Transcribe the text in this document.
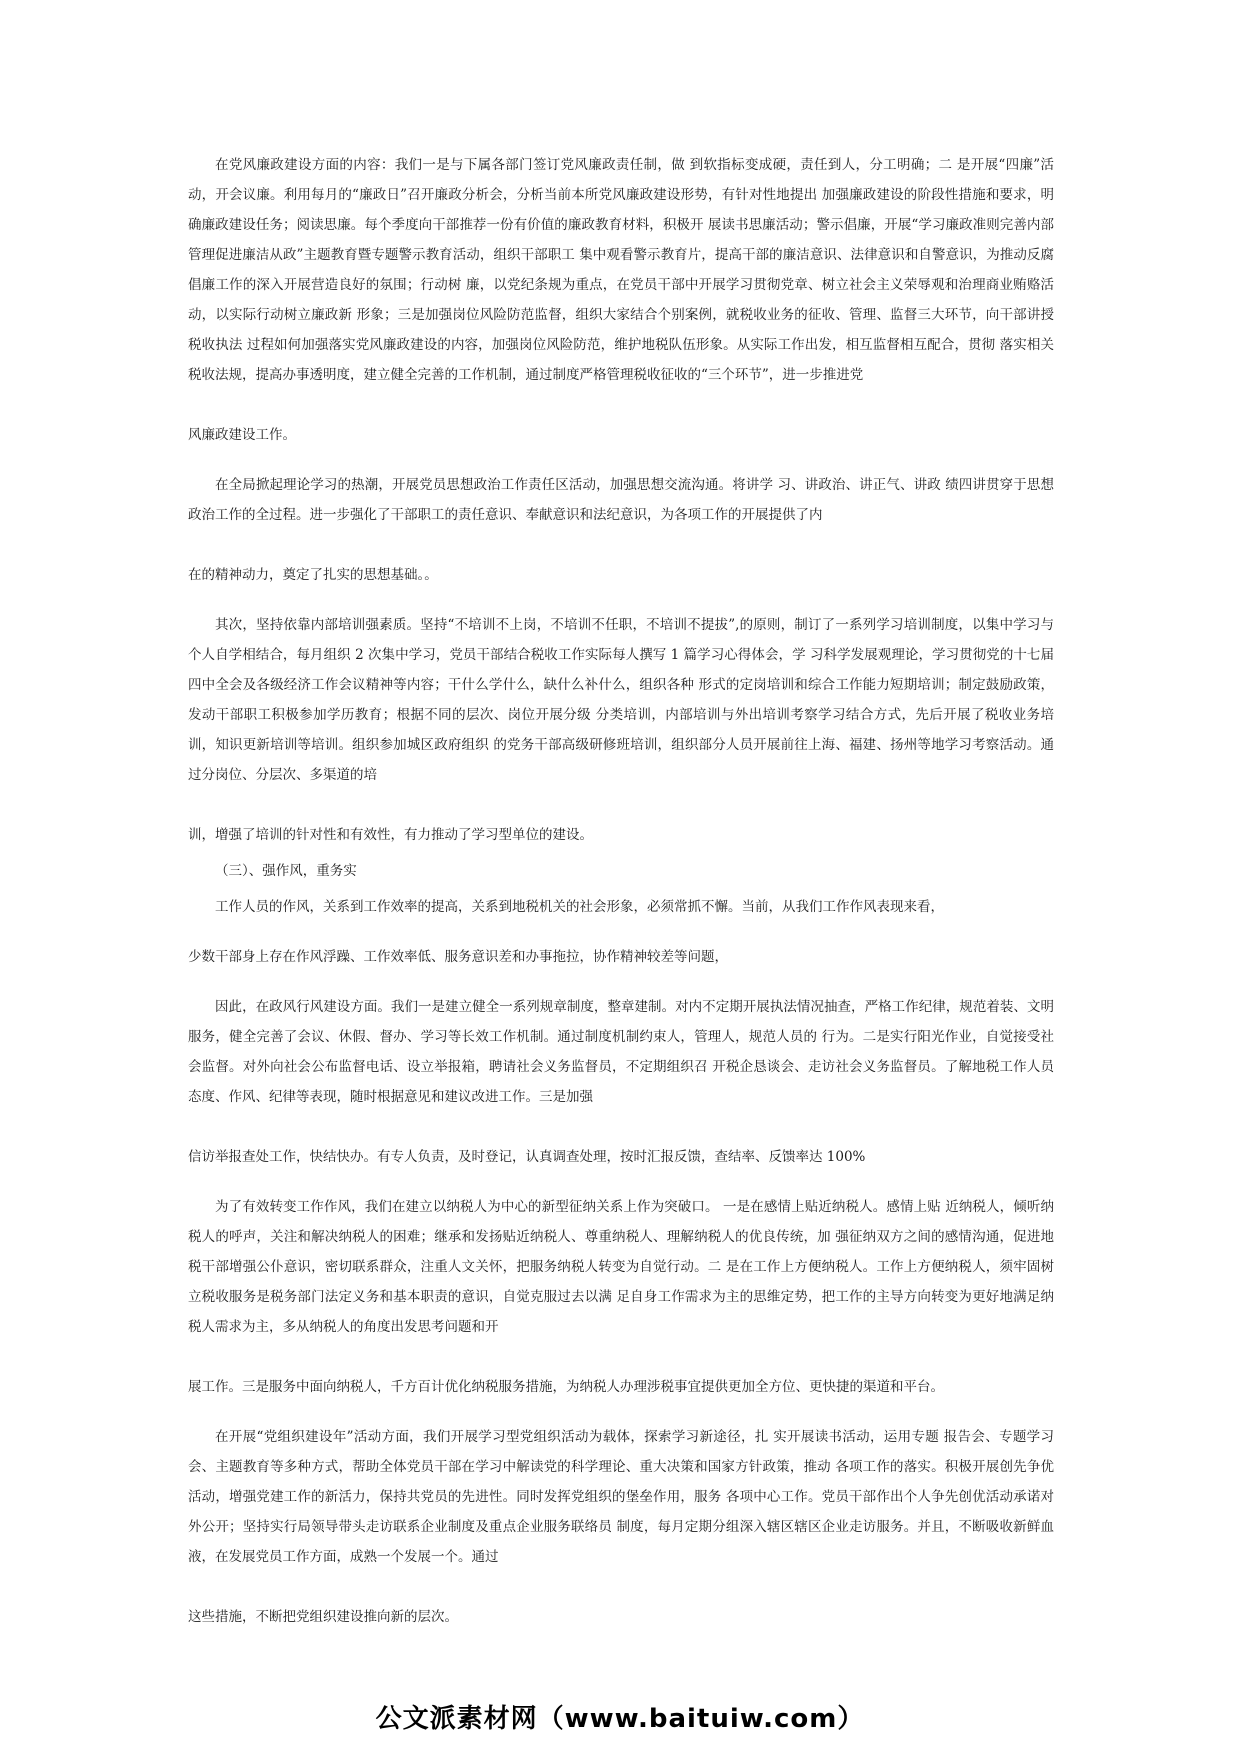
在党风廉政建设方面的内容：我们一是与下属各部门签订党风廉政责任制，做 到软指标变成硬，责任到人，分工明确；二 是开展“四廉”活动，开会议廉。利用每月的“廉政日”召开廉政分析会，分析当前本所党风廉政建设形势，有针对性地提出 加强廉政建设的阶段性措施和要求，明确廉政建设任务；阅读思廉。每个季度向干部推荐一份有价值的廉政教育材料，积极开 展读书思廉活动；警示倡廉，开展“学习廉政准则完善内部管理促进廉洁从政”主题教育暨专题警示教育活动，组织干部职工 集中观看警示教育片，提高干部的廉洁意识、法律意识和自警意识，为推动反腐倡廉工作的深入开展营造良好的氛围；行动树 廉，以党纪条规为重点，在党员干部中开展学习贯彻党章、树立社会主义荣辱观和治理商业贿赂活动，以实际行动树立廉政新 形象；三是加强岗位风险防范监督，组织大家结合个别案例，就税收业务的征收、管理、监督三大环节，向干部讲授税收执法 过程如何加强落实党风廉政建设的内容，加强岗位风险防范，维护地税队伍形象。从实际工作出发，相互监督相互配合，贯彻 落实相关税收法规，提高办事透明度，建立健全完善的工作机制，通过制度严格管理税收征收的“三个环节”，进一步推进党

风廉政建设工作。

在全局掀起理论学习的热潮，开展党员思想政治工作责任区活动，加强思想交流沟通。将讲学 习、讲政治、讲正气、讲政 绩四讲贯穿于思想政治工作的全过程。进一步强化了干部职工的责任意识、奉献意识和法纪意识，为各项工作的开展提供了内

在的精神动力，奠定了扎实的思想基础。。

其次，坚持依靠内部培训强素质。坚持“不培训不上岗，不培训不任职，不培训不提拔”,的原则，制订了一系列学习培训制度，以集中学习与个人自学相结合，每月组织 2 次集中学习，党员干部结合税收工作实际每人撰写 1 篇学习心得体会，学 习科学发展观理论，学习贯彻党的十七届四中全会及各级经济工作会议精神等内容；干什么学什么，缺什么补什么，组织各种 形式的定岗培训和综合工作能力短期培训；制定鼓励政策，发动干部职工积极参加学历教育；根据不同的层次、岗位开展分级 分类培训，内部培训与外出培训考察学习结合方式，先后开展了税收业务培训，知识更新培训等培训。组织参加城区政府组织 的党务干部高级研修班培训，组织部分人员开展前往上海、福建、扬州等地学习考察活动。通过分岗位、分层次、多渠道的培

训，增强了培训的针对性和有效性，有力推动了学习型单位的建设。

（三）、强作风，重务实

工作人员的作风，关系到工作效率的提高，关系到地税机关的社会形象，必须常抓不懈。当前，从我们工作作风表现来看，

少数干部身上存在作风浮躁、工作效率低、服务意识差和办事拖拉，协作精神较差等问题，

因此，在政风行风建设方面。我们一是建立健全一系列规章制度，整章建制。对内不定期开展执法情况抽查，严格工作纪律，规范着装、文明服务，健全完善了会议、休假、督办、学习等长效工作机制。通过制度机制约束人，管理人，规范人员的 行为。二是实行阳光作业，自觉接受社会监督。对外向社会公布监督电话、设立举报箱，聘请社会义务监督员，不定期组织召 开税企恳谈会、走访社会义务监督员。了解地税工作人员态度、作风、纪律等表现，随时根据意见和建议改进工作。三是加强

信访举报查处工作，快结快办。有专人负责，及时登记，认真调查处理，按时汇报反馈，查结率、反馈率达 100%

为了有效转变工作作风，我们在建立以纳税人为中心的新型征纳关系上作为突破口。 一是在感情上贴近纳税人。感情上贴 近纳税人，倾听纳税人的呼声，关注和解决纳税人的困难；继承和发扬贴近纳税人、尊重纳税人、理解纳税人的优良传统，加 强征纳双方之间的感情沟通，促进地税干部增强公仆意识，密切联系群众，注重人文关怀，把服务纳税人转变为自觉行动。二 是在工作上方便纳税人。工作上方便纳税人，须牢固树立税收服务是税务部门法定义务和基本职责的意识，自觉克服过去以满 足自身工作需求为主的思维定势，把工作的主导方向转变为更好地满足纳税人需求为主，多从纳税人的角度出发思考问题和开

展工作。三是服务中面向纳税人，千方百计优化纳税服务措施，为纳税人办理涉税事宜提供更加全方位、更快捷的渠道和平台。

在开展“党组织建设年”活动方面，我们开展学习型党组织活动为载体，探索学习新途径，扎 实开展读书活动，运用专题 报告会、专题学习会、主题教育等多种方式，帮助全体党员干部在学习中解读党的科学理论、重大决策和国家方针政策，推动 各项工作的落实。积极开展创先争优活动，增强党建工作的新活力，保持共党员的先进性。同时发挥党组织的堡垒作用，服务 各项中心工作。党员干部作出个人争先创优活动承诺对外公开；坚持实行局领导带头走访联系企业制度及重点企业服务联络员 制度，每月定期分组深入辖区辖区企业走访服务。并且，不断吸收新鲜血液，在发展党员工作方面，成熟一个发展一个。通过

这些措施，不断把党组织建设推向新的层次。

公文派素材网（www.baituiw.com）
